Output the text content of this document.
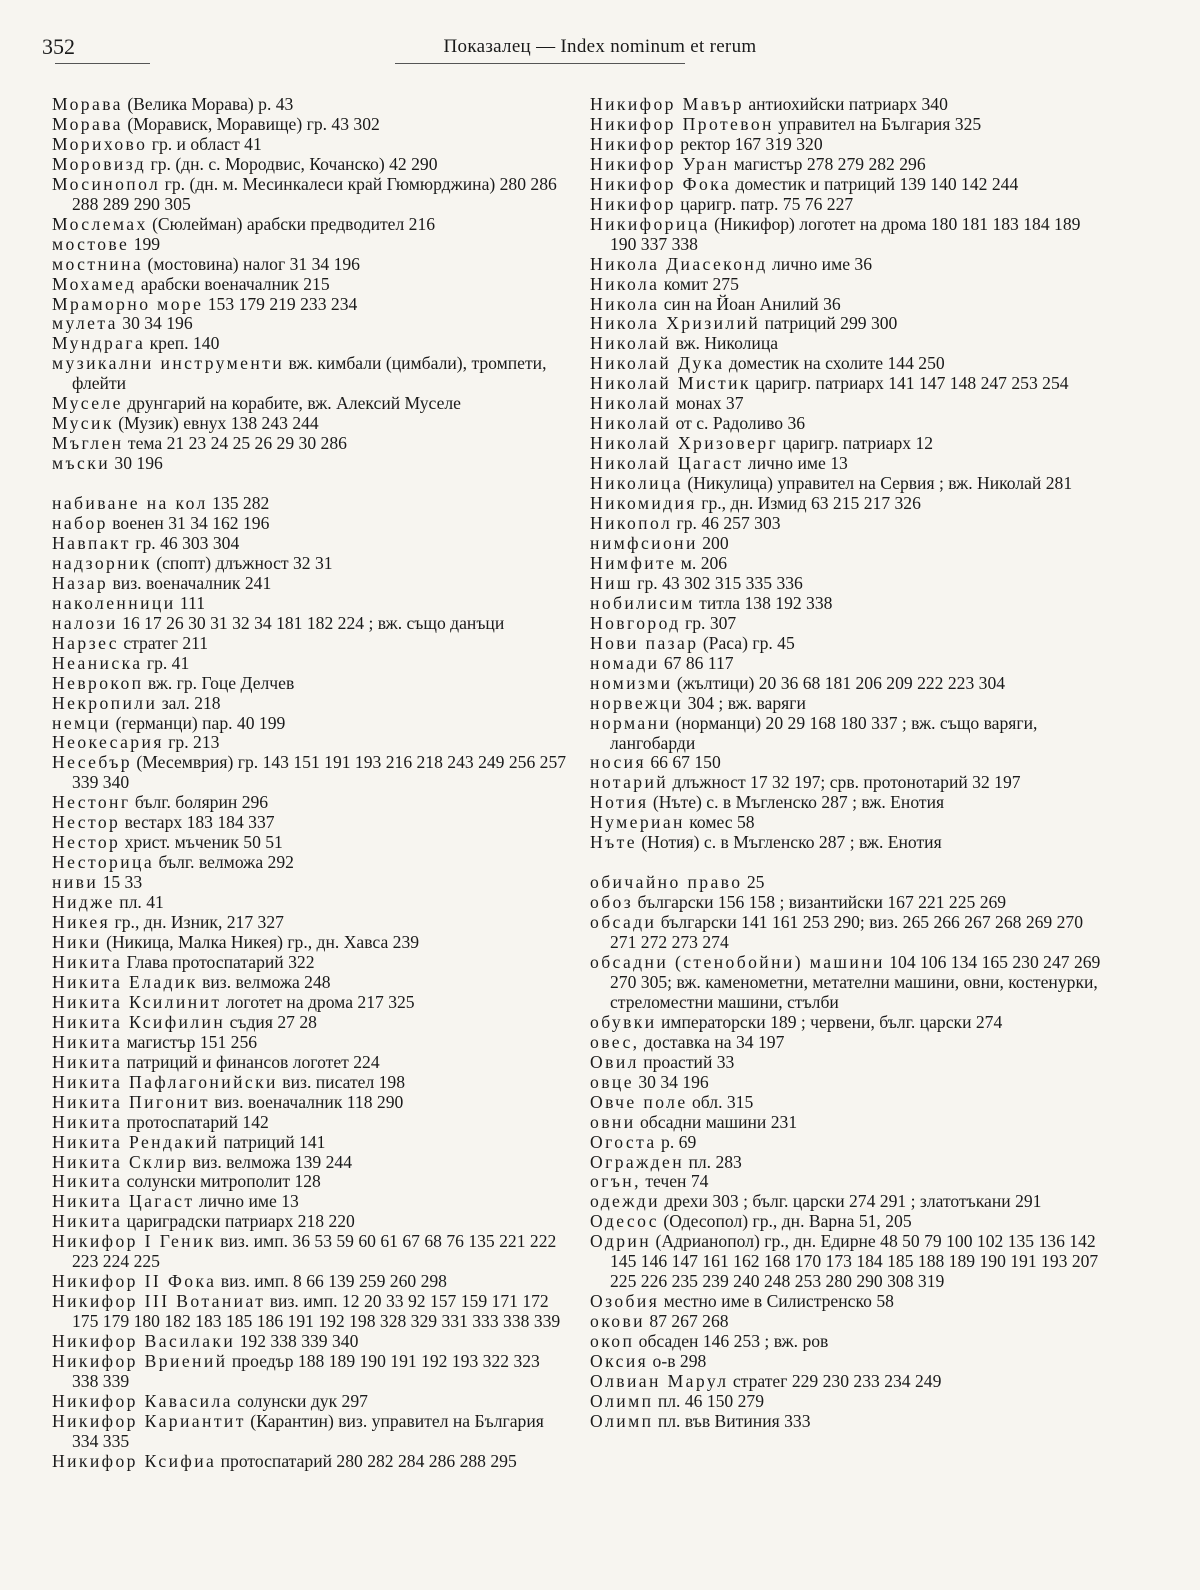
352	Показалец — Index nominum et rerum
Морава (Велика Морава) р. 43
Морава (Морависк, Моравище) гр. 43 302
Морихово гр. и област 41
Моровизд гр. (дн. с. Мородвис, Кочанско) 42 290
Мосинопол гр. (дн. м. Месинкалеси край Гюмюрджина) 280 286 288 289 290 305
Мослемах (Сюлейман) арабски предводител 216
мостове 199
мостнина (мостовина) налог 31 34 196
Мохамед арабски военачалник 215
Мраморно море 153 179 219 233 234
мулета 30 34 196
Мундрага креп. 140
музикални инструменти вж. кимбали (цимбали), тромпети, флейти
Муселе друнгарий на корабите, вж. Алексий Муселе
Мусик (Музик) евнух 138 243 244
Мъглен тема 21 23 24 25 26 29 30 286
мъски 30 196
набиване на кол 135 282
набор военен 31 34 162 196
Навпакт гр. 46 303 304
надзорник (спопт) длъжност 32 31
Назар виз. военачалник 241
наколенници 111
налози 16 17 26 30 31 32 34 181 182 224 ; вж. също данъци
Нарзес стратег 211
Неаниска гр. 41
Неврокоп вж. гр. Гоце Делчев
Некропили зал. 218
немци (германци) пар. 40 199
Неокесария гр. 213
Несебър (Месемврия) гр. 143 151 191 193 216 218 243 249 256 257 339 340
Нестонг бълг. болярин 296
Нестор вестарх 183 184 337
Нестор христ. мъченик 50 51
Несторица бълг. велможа 292
ниви 15 33
Нидже пл. 41
Никея гр., дн. Изник, 217 327
Ники (Никица, Малка Никея) гр., дн. Хавса 239
Никита Глава протоспатарий 322
Никита Еладик виз. велможа 248
Никита Ксилинит логотет на дрома 217 325
Никита Ксифилин съдия 27 28
Никита магистър 151 256
Никита патриций и финансов логотет 224
Никита Пафлагонийски виз. писател 198
Никита Пигонит виз. военачалник 118 290
Никита протоспатарий 142
Никита Рендакий патриций 141
Никита Склир виз. велможа 139 244
Никита солунски митрополит 128
Никита Цагаст лично име 13
Никита цариградски патриарх 218 220
Никифор I Геник виз. имп. 36 53 59 60 61 67 68 76 135 221 222 223 224 225
Никифор II Фока виз. имп. 8 66 139 259 260 298
Никифор III Вотаниат виз. имп. 12 20 33 92 157 159 171 172 175 179 180 182 183 185 186 191 192 198 328 329 331 333 338 339
Никифор Василаки 192 338 339 340
Никифор Вриений проедър 188 189 190 191 192 193 322 323 338 339
Никифор Кавасила солунски дук 297
Никифор Кариантит (Карантин) виз. управител на България 334 335
Никифор Ксифиа протоспатарий 280 282 284 286 288 295
Никифор Мавър антиохийски патриарх 340
Никифор Протевон управител на България 325
Никифор ректор 167 319 320
Никифор Уран магистър 278 279 282 296
Никифор Фока доместик и патриций 139 140 142 244
Никифор царигр. патр. 75 76 227
Никифорица (Никифор) логотет на дрома 180 181 183 184 189 190 337 338
Никола Диасеконд лично име 36
Никола комит 275
Никола син на Йоан Анилий 36
Никола Хризилий патриций 299 300
Николай вж. Николица
Николай Дука доместик на схолите 144 250
Николай Мистик царигр. патриарх 141 147 148 247 253 254
Николай монах 37
Николай от с. Радоливо 36
Николай Хризоверг царигр. патриарх 12
Николай Цагаст лично име 13
Николица (Никулица) управител на Сервия ; вж. Николай 281
Никомидия гр., дн. Измид 63 215 217 326
Никопол гр. 46 257 303
нимфсиони 200
Нимфите м. 206
Ниш гр. 43 302 315 335 336
нобилисим титла 138 192 338
Новгород гр. 307
Нови пазар (Раса) гр. 45
номади 67 86 117
номизми (жълтици) 20 36 68 181 206 209 222 223 304
норвежци 304 ; вж. варяги
нормани (норманци) 20 29 168 180 337 ; вж. също варяги, лангобарди
носия 66 67 150
нотарий длъжност 17 32 197; срв. протонотарий 32 197
Нотия (Нъте) с. в Мъгленско 287 ; вж. Енотия
Нумериан комес 58
Нъте (Нотия) с. в Мъгленско 287 ; вж. Енотия
обичайно право 25
обоз български 156 158 ; византийски 167 221 225 269
обсади български 141 161 253 290; виз. 265 266 267 268 269 270 271 272 273 274
обсадни (стенобойни) машини 104 106 134 165 230 247 269 270 305; вж. каменометни, метателни машини, овни, костенурки, стреломестни машини, стълби
обувки императорски 189 ; червени, бълг. царски 274
овес, доставка на 34 197
Овил проастий 33
овце 30 34 196
Овче поле обл. 315
овни обсадни машини 231
Огоста р. 69
Огражден пл. 283
огън, течен 74
одежди дрехи 303 ; бълг. царски 274 291 ; златотъкани 291
Одесос (Одесопол) гр., дн. Варна 51, 205
Одрин (Адрианопол) гр., дн. Едирне 48 50 79 100 102 135 136 142 145 146 147 161 162 168 170 173 184 185 188 189 190 191 193 207 225 226 235 239 240 248 253 280 290 308 319
Озобия местно име в Силистренско 58
окови 87 267 268
окоп обсаден 146 253 ; вж. ров
Оксия о-в 298
Олвиан Марул стратег 229 230 233 234 249
Олимп пл. 46 150 279
Олимп пл. във Витиния 333
